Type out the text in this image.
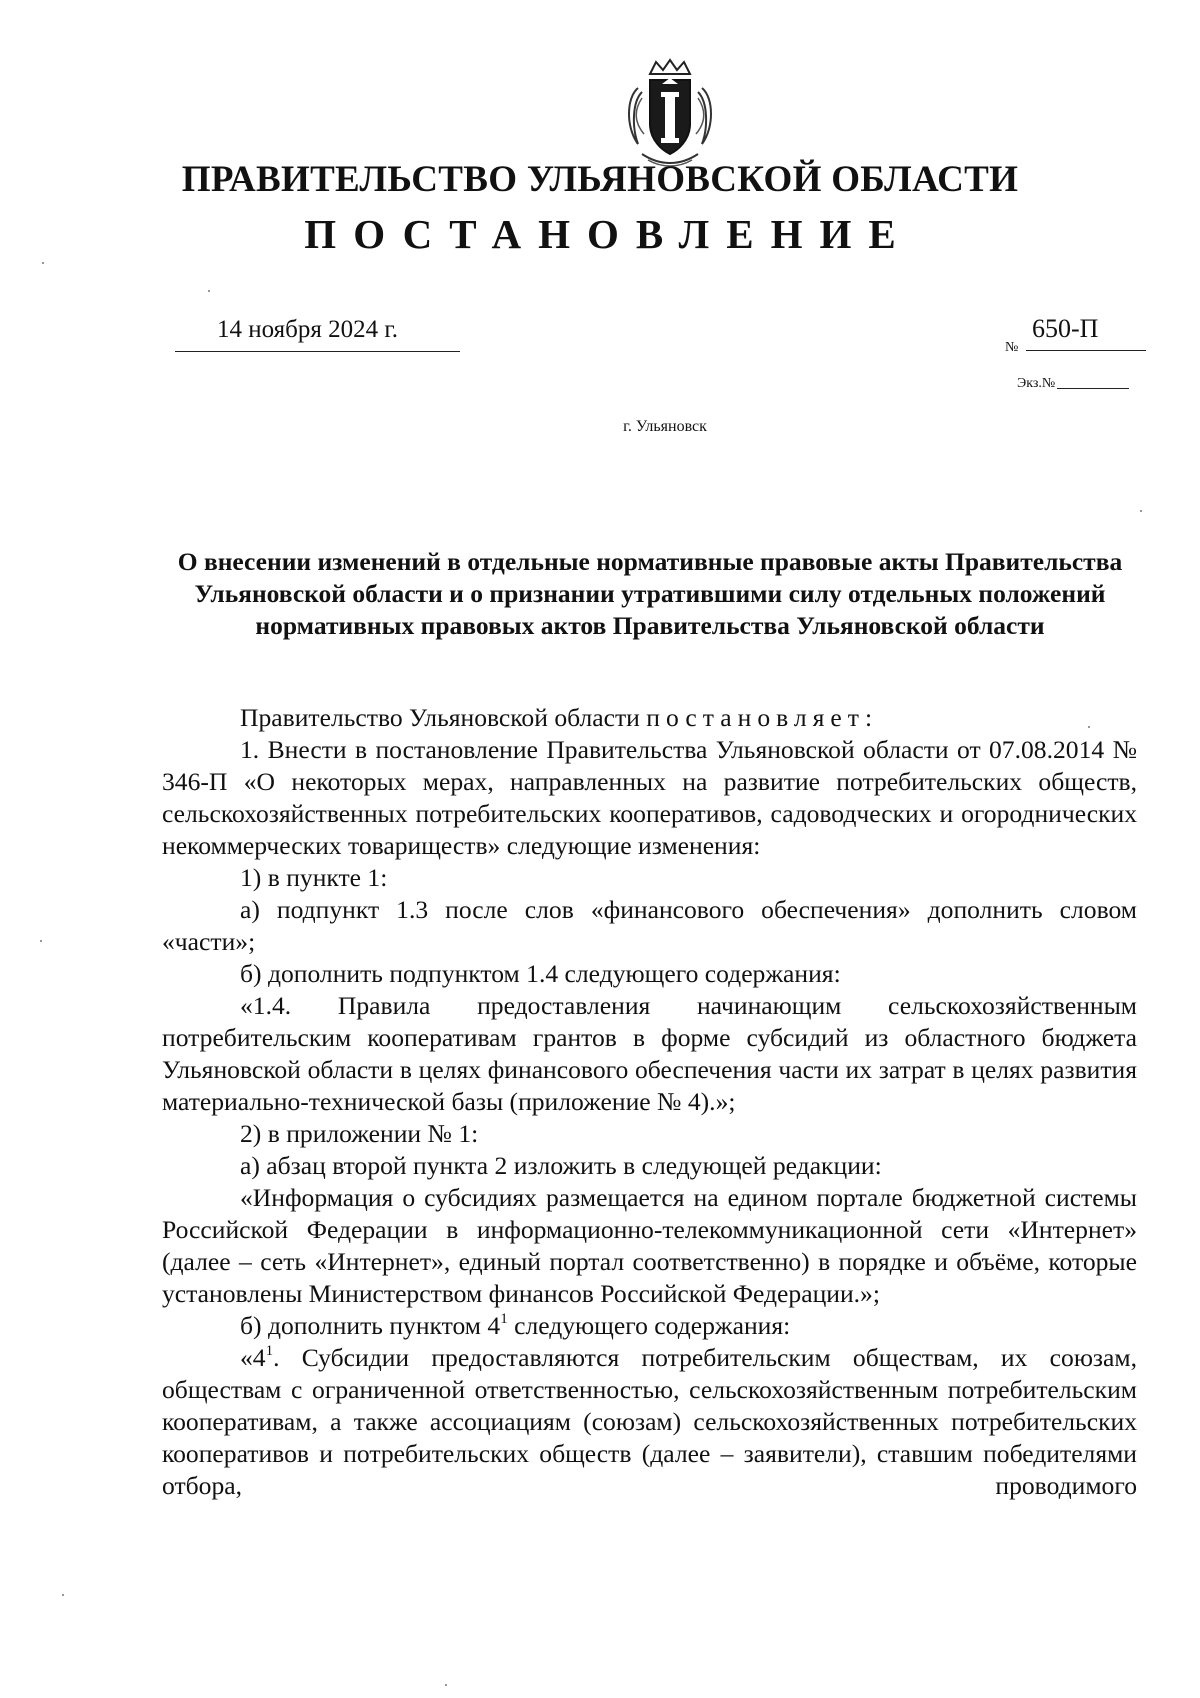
ПРАВИТЕЛЬСТВО УЛЬЯНОВСКОЙ ОБЛАСТИ
ПОСТАНОВЛЕНИЕ
14 ноября 2024 г.
№
650-П
Экз.№
г. Ульяновск
О внесении изменений в отдельные нормативные правовые акты Правительства Ульяновской области и о признании утратившими силу отдельных положений нормативных правовых актов Правительства Ульяновской области

Правительство Ульяновской области постановляет:

1. Внести в постановление Правительства Ульяновской области от 07.08.2014 № 346-П «О некоторых мерах, направленных на развитие потребительских обществ, сельскохозяйственных потребительских кооперативов, садоводческих и огороднических некоммерческих товариществ» следующие изменения:

1) в пункте 1:

а) подпункт 1.3 после слов «финансового обеспечения» дополнить словом «части»;

б) дополнить подпунктом 1.4 следующего содержания:

«1.4. Правила предоставления начинающим сельскохозяйственным потребительским кооперативам грантов в форме субсидий из областного бюджета Ульяновской области в целях финансового обеспечения части их затрат в целях развития материально-технической базы (приложение № 4).»;

2) в приложении № 1:

а) абзац второй пункта 2 изложить в следующей редакции:

«Информация о субсидиях размещается на едином портале бюджетной системы Российской Федерации в информационно-телекоммуникационной сети «Интернет» (далее – сеть «Интернет», единый портал соответственно) в порядке и объёме, которые установлены Министерством финансов Российской Федерации.»;

б) дополнить пунктом $4^1$ следующего содержания:

«$4^1$. Субсидии предоставляются потребительским обществам, их союзам, обществам с ограниченной ответственностью, сельскохозяйственным потребительским кооперативам, а также ассоциациям (союзам) сельскохозяйственных потребительских кооперативов и потребительских обществ (далее – заявители), ставшим победителями отбора, проводимого
